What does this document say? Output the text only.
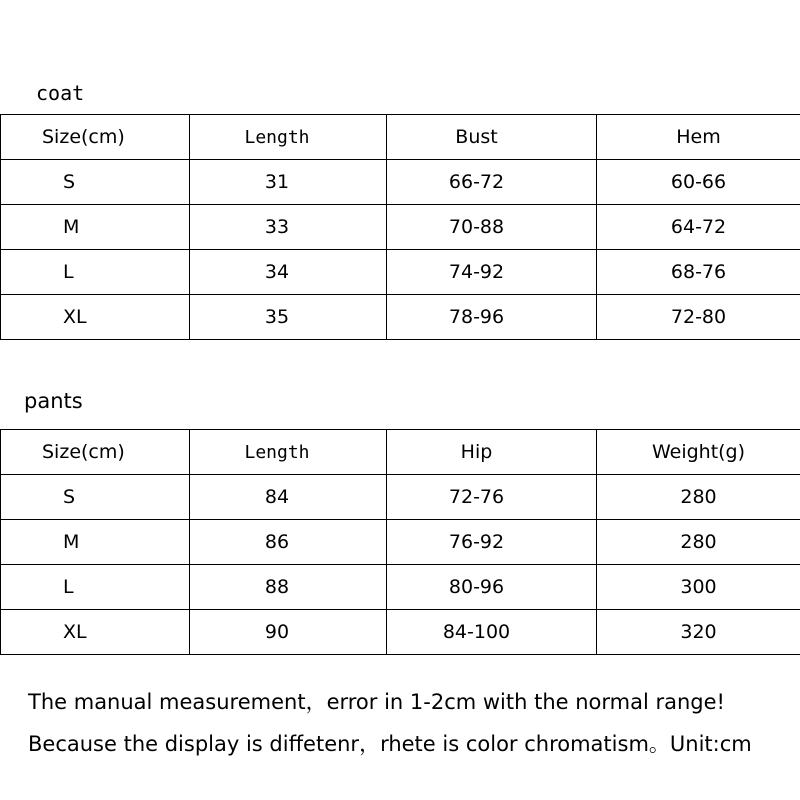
coat
Size(cm)	Length	Bust	Hem
S	31	66-72	60-66
M	33	70-88	64-72
L	34	74-92	68-76
XL	35	78-96	72-80
pants
Size(cm)	Length	Hip	Weight(g)
S	84	72-76	280
M	86	76-92	280
L	88	80-96	300
XL	90	84-100	320
The manual measurement，error in 1-2cm with the normal range!
Because the display is diffetenr，rhete is color chromatism。Unit:cm
